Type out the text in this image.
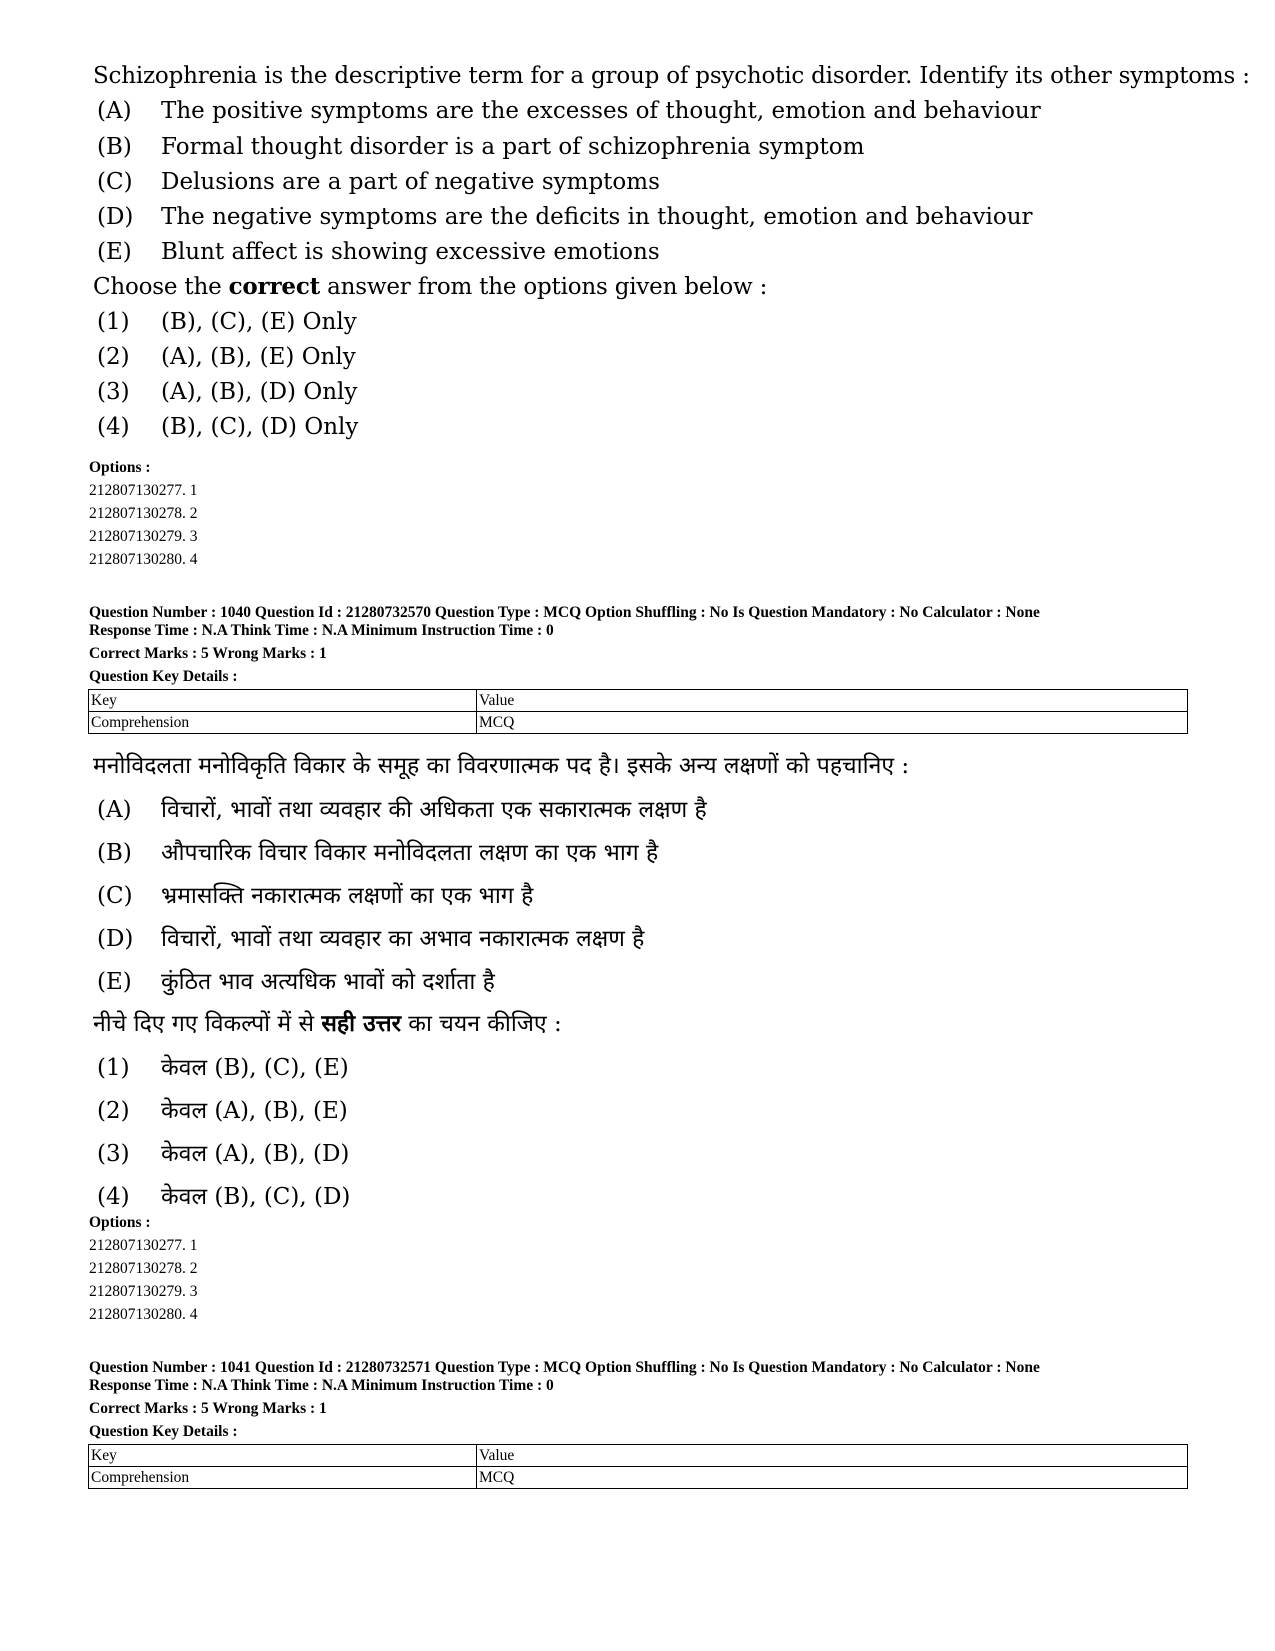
Schizophrenia is the descriptive term for a group of psychotic disorder. Identify its other symptoms :
(A) The positive symptoms are the excesses of thought, emotion and behaviour
(B) Formal thought disorder is a part of schizophrenia symptom
(C) Delusions are a part of negative symptoms
(D) The negative symptoms are the deficits in thought, emotion and behaviour
(E) Blunt affect is showing excessive emotions
Choose the correct answer from the options given below :
(1) (B), (C), (E) Only
(2) (A), (B), (E) Only
(3) (A), (B), (D) Only
(4) (B), (C), (D) Only
Options :
212807130277. 1
212807130278. 2
212807130279. 3
212807130280. 4
Question Number : 1040 Question Id : 21280732570 Question Type : MCQ Option Shuffling : No Is Question Mandatory : No Calculator : None
Response Time : N.A Think Time : N.A Minimum Instruction Time : 0
Correct Marks : 5 Wrong Marks : 1
Question Key Details :
Key	Value
Comprehension	MCQ
मनोविदलता मनोविकृति विकार के समूह का विवरणात्मक पद है। इसके अन्य लक्षणों को पहचानिए :
(A) विचारों, भावों तथा व्यवहार की अधिकता एक सकारात्मक लक्षण है
(B) औपचारिक विचार विकार मनोविदलता लक्षण का एक भाग है
(C) भ्रमासक्ति नकारात्मक लक्षणों का एक भाग है
(D) विचारों, भावों तथा व्यवहार का अभाव नकारात्मक लक्षण है
(E) कुंठित भाव अत्यधिक भावों को दर्शाता है
नीचे दिए गए विकल्पों में से सही उत्तर का चयन कीजिए :
(1) केवल (B), (C), (E)
(2) केवल (A), (B), (E)
(3) केवल (A), (B), (D)
(4) केवल (B), (C), (D)
Options :
212807130277. 1
212807130278. 2
212807130279. 3
212807130280. 4
Question Number : 1041 Question Id : 21280732571 Question Type : MCQ Option Shuffling : No Is Question Mandatory : No Calculator : None
Response Time : N.A Think Time : N.A Minimum Instruction Time : 0
Correct Marks : 5 Wrong Marks : 1
Question Key Details :
Key	Value
Comprehension	MCQ
